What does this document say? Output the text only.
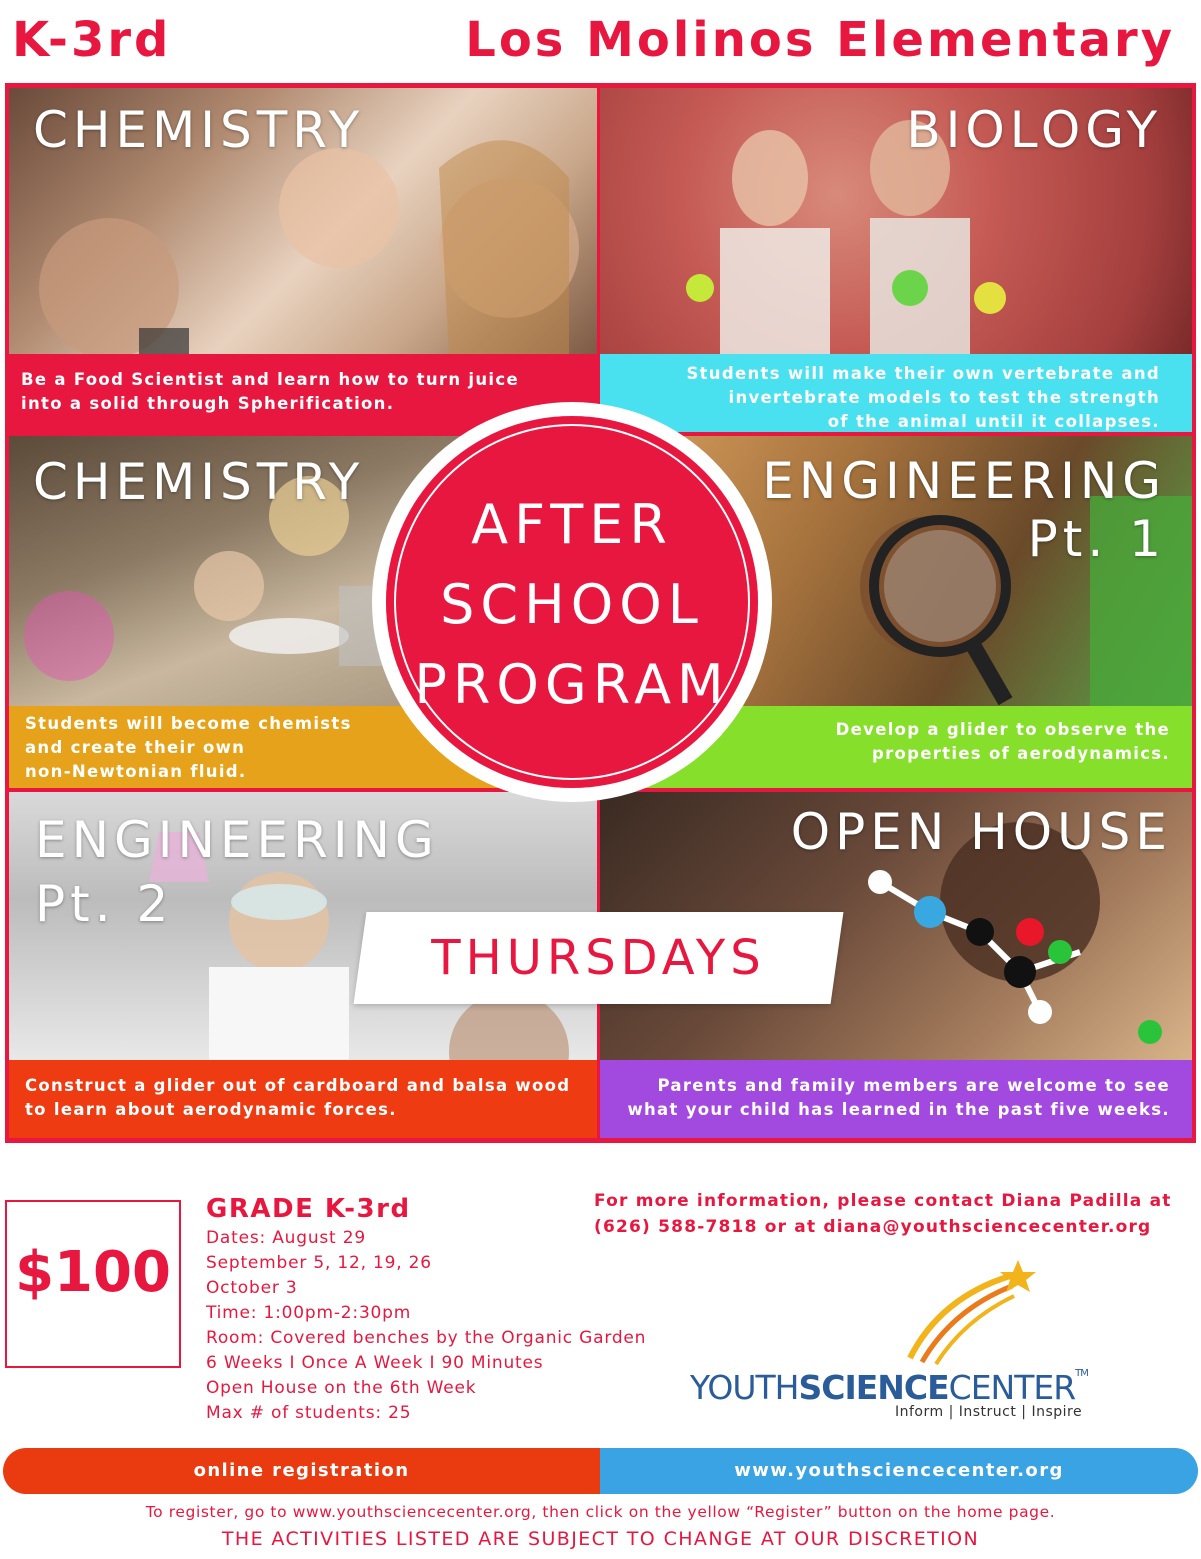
K-3rd	Los Molinos Elementary
CHEMISTRY
Be a Food Scientist and learn how to turn juice
into a solid through Spherification.
BIOLOGY
Students will make their own vertebrate and
invertebrate models to test the strength
of the animal until it collapses.
CHEMISTRY
Students will become chemists
and create their own
non-Newtonian fluid.
ENGINEERING
Pt. 1
Develop a glider to observe the
properties of aerodynamics.
ENGINEERING
Pt. 2
Construct a glider out of cardboard and balsa wood
to learn about aerodynamic forces.
OPEN HOUSE
Parents and family members are welcome to see
what your child has learned in the past five weeks.
AFTER
SCHOOL
PROGRAM
THURSDAYS
$100
GRADE K-3rd
Dates: August 29
September 5, 12, 19, 26
October 3
Time: 1:00pm-2:30pm
Room: Covered benches by the Organic Garden
6 Weeks I Once A Week I 90 Minutes
Open House on the 6th Week
Max # of students: 25
For more information, please contact Diana Padilla at
(626) 588-7818 or at diana@youthsciencecenter.org
YOUTHSCIENCECENTER™
Inform | Instruct | Inspire
online registration	www.youthsciencecenter.org
To register, go to www.youthsciencecenter.org, then click on the yellow “Register” button on the home page.
THE ACTIVITIES LISTED ARE SUBJECT TO CHANGE AT OUR DISCRETION
